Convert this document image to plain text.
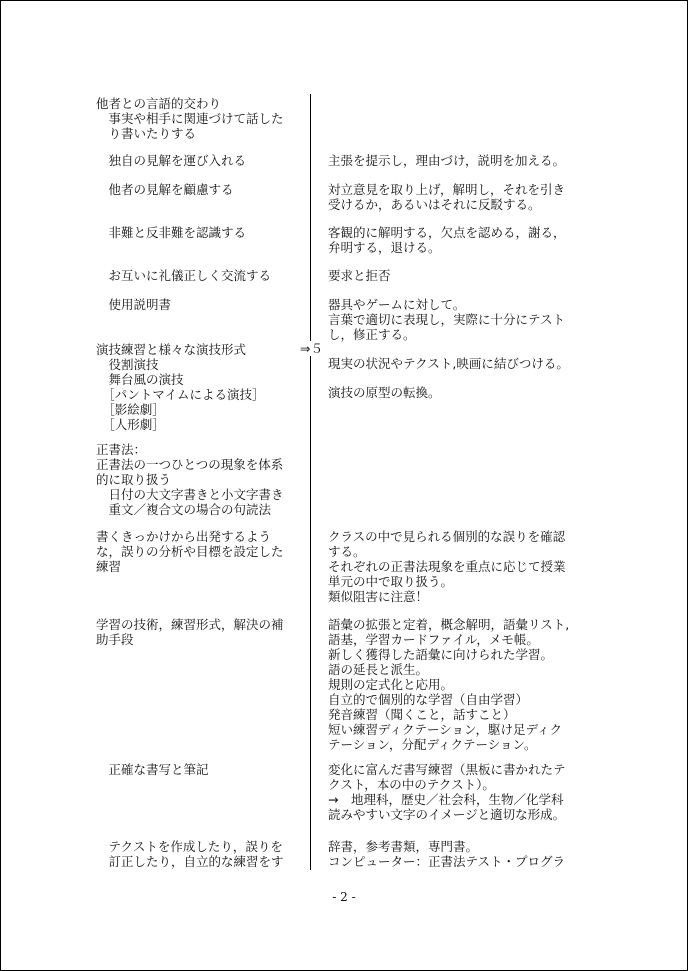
他者との言語的交わり
　事実や相手に関連づけて話した
　り書いたりする
　独自の見解を運び入れる
　他者の見解を顧慮する
　非難と反非難を認識する
　お互いに礼儀正しく交流する
　使用説明書
演技練習と様々な演技形式
　役割演技
　舞台風の演技
　［パントマイムによる演技］
　［影絵劇］
　［人形劇］
正書法：
正書法の一つひとつの現象を体系
的に取り扱う
　日付の大文字書きと小文字書き
　重文／複合文の場合の句読法
書くきっかけから出発するよう
な，誤りの分析や目標を設定した
練習
学習の技術，練習形式，解決の補
助手段
　正確な書写と筆記
　テクストを作成したり，誤りを
　訂正したり，自立的な練習をす
主張を提示し，理由づけ，説明を加える。
対立意見を取り上げ，解明し，それを引き
受けるか，あるいはそれに反駁する。
客観的に解明する，欠点を認める，謝る，
弁明する，退ける。
要求と拒否
器具やゲームに対して。
言葉で適切に表現し，実際に十分にテスト
し，修正する。
現実の状況やテクスト,映画に結びつける。
演技の原型の転換。
クラスの中で見られる個別的な誤りを確認
する。
それぞれの正書法現象を重点に応じて授業
単元の中で取り扱う。
類似阻害に注意！
語彙の拡張と定着，概念解明，語彙リスト,
語基，学習カードファイル，メモ帳。
新しく獲得した語彙に向けられた学習。
語の延長と派生。
規則の定式化と応用。
自立的で個別的な学習（自由学習）
発音練習（聞くこと，話すこと）
短い練習ディクテーション，駆け足ディク
テーション，分配ディクテーション。
変化に富んだ書写練習（黒板に書かれたテ
クスト，本の中のテクスト）。
→　地理科，歴史／社会科，生物／化学科
読みやすい文字のイメージと適切な形成。
辞書，参考書類，専門書。
コンピューター：正書法テスト・プログラ
⇒５
- 2 -
